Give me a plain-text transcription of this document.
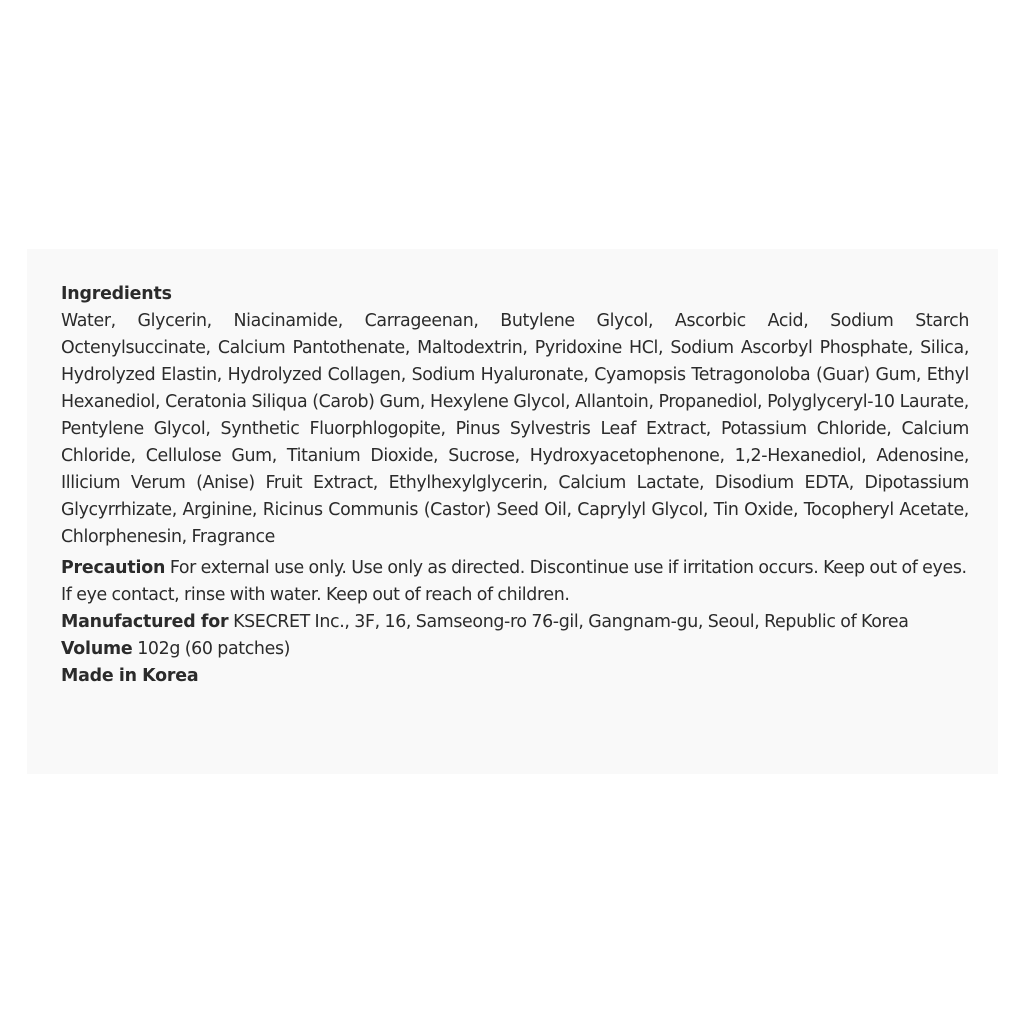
Ingredients

Water, Glycerin, Niacinamide, Carrageenan, Butylene Glycol, Ascorbic Acid, Sodium Starch Octenylsuccinate, Calcium Pantothenate, Maltodextrin, Pyridoxine HCl, Sodium Ascorbyl Phosphate, Silica, Hydrolyzed Elastin, Hydrolyzed Collagen, Sodium Hyaluronate, Cyamopsis Tetragonoloba (Guar) Gum, Ethyl Hexanediol, Ceratonia Siliqua (Carob) Gum, Hexylene Glycol, Allantoin, Propanediol, Polyglyceryl-10 Laurate, Pentylene Glycol, Synthetic Fluorphlogopite, Pinus Sylvestris Leaf Extract, Potassium Chloride, Calcium Chloride, Cellulose Gum, Titanium Dioxide, Sucrose, Hydroxyacetophenone, 1,2-Hexanediol, Adenosine, Illicium Verum (Anise) Fruit Extract, Ethylhexylglycerin, Calcium Lactate, Disodium EDTA, Dipotassium Glycyrrhizate, Arginine, Ricinus Communis (Castor) Seed Oil, Caprylyl Glycol, Tin Oxide, Tocopheryl Acetate, Chlorphenesin, Fragrance

Precaution For external use only. Use only as directed. Discontinue use if irritation occurs. Keep out of eyes. If eye contact, rinse with water. Keep out of reach of children.

Manufactured for KSECRET Inc., 3F, 16, Samseong-ro 76-gil, Gangnam-gu, Seoul, Republic of Korea

Volume 102g (60 patches)

Made in Korea
